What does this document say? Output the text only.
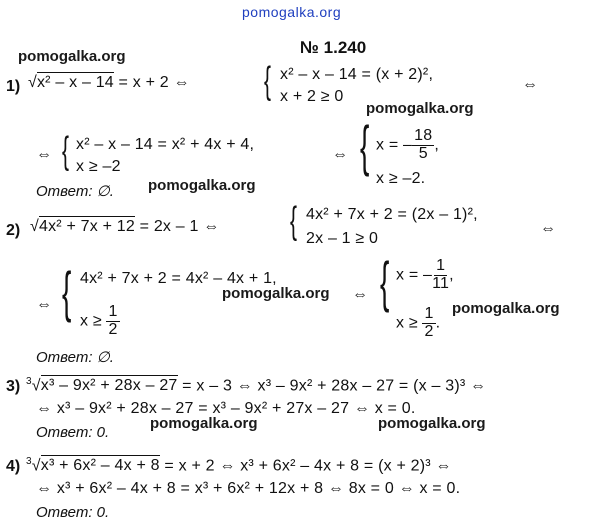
pomogalka.org
pomogalka.org
pomogalka.org
pomogalka.org
pomogalka.org
pomogalka.org
pomogalka.org	pomogalka.org
№ 1.240
1) √x² – x – 14 = x + 2 ⇔ { x² – x – 14 = (x + 2)²,
x + 2 ≥ 0
⇔
⇔ { x² – x – 14 = x² + 4x + 4,
x ≥ –2
⇔ { x = – $\frac{18}{5}$ ,
x ≥ –2.
Ответ: ∅.
2) √4x² + 7x + 12 = 2x – 1 ⇔ { 4x² + 7x + 2 = (2x – 1)²,
2x – 1 ≥ 0
⇔
⇔ { 4x² + 7x + 2 = 4x² – 4x + 1,
$x \ge \frac{1}{2}$
⇔ { x = – $\frac{1}{11}$ ,
$x \ge \frac{1}{2}$ .
Ответ: ∅.
3) $^3$√x³ – 9x² + 28x – 27 = x – 3 ⇔ x³ – 9x² + 28x – 27 = (x – 3)³ ⇔
⇔ x³ – 9x² + 28x – 27 = x³ – 9x² + 27x – 27 ⇔ x = 0.
Ответ: 0.
4) $^3$√x³ + 6x² – 4x + 8 = x + 2 ⇔ x³ + 6x² – 4x + 8 = (x + 2)³ ⇔
⇔ x³ + 6x² – 4x + 8 = x³ + 6x² + 12x + 8 ⇔ 8x = 0 ⇔ x = 0.
Ответ: 0.
